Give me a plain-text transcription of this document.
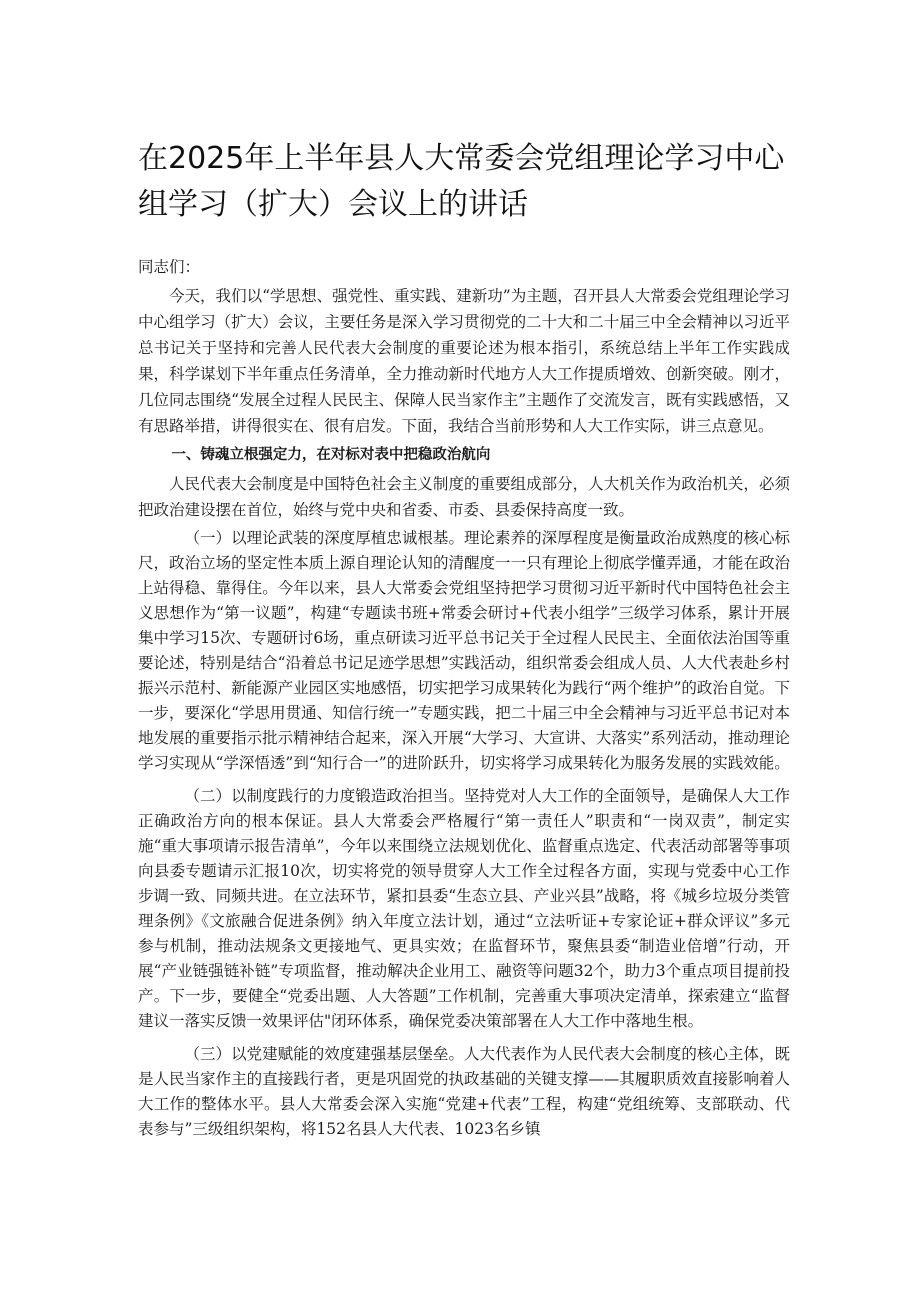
在2025年上半年县人大常委会党组理论学习中心组学习（扩大）会议上的讲话

同志们：

今天，我们以“学思想、强党性、重实践、建新功”为主题，召开县人大常委会党组理论学习中心组学习（扩大）会议，主要任务是深入学习贯彻党的二十大和二十届三中全会精神以习近平总书记关于坚持和完善人民代表大会制度的重要论述为根本指引，系统总结上半年工作实践成果，科学谋划下半年重点任务清单，全力推动新时代地方人大工作提质增效、创新突破。刚才，几位同志围绕“发展全过程人民民主、保障人民当家作主”主题作了交流发言，既有实践感悟，又有思路举措，讲得很实在、很有启发。下面，我结合当前形势和人大工作实际，讲三点意见。

一、铸魂立根强定力，在对标对表中把稳政治航向

人民代表大会制度是中国特色社会主义制度的重要组成部分，人大机关作为政治机关，必须把政治建设摆在首位，始终与党中央和省委、市委、县委保持高度一致。

（一）以理论武装的深度厚植忠诚根基。理论素养的深厚程度是衡量政治成熟度的核心标尺，政治立场的坚定性本质上源自理论认知的清醒度一一只有理论上彻底学懂弄通，才能在政治上站得稳、靠得住。今年以来，县人大常委会党组坚持把学习贯彻习近平新时代中国特色社会主义思想作为“第一议题”，构建“专题读书班+常委会研讨+代表小组学”三级学习体系，累计开展集中学习15次、专题研讨6场，重点研读习近平总书记关于全过程人民民主、全面依法治国等重要论述，特别是结合“沿着总书记足迹学思想”实践活动，组织常委会组成人员、人大代表赴乡村振兴示范村、新能源产业园区实地感悟，切实把学习成果转化为践行“两个维护”的政治自觉。下一步，要深化“学思用贯通、知信行统一”专题实践，把二十届三中全会精神与习近平总书记对本地发展的重要指示批示精神结合起来，深入开展“大学习、大宣讲、大落实”系列活动，推动理论学习实现从“学深悟透”到“知行合一”的进阶跃升，切实将学习成果转化为服务发展的实践效能。

（二）以制度践行的力度锻造政治担当。坚持党对人大工作的全面领导，是确保人大工作正确政治方向的根本保证。县人大常委会严格履行“第一责任人”职责和“一岗双责”，制定实施“重大事项请示报告清单”，今年以来围绕立法规划优化、监督重点选定、代表活动部署等事项向县委专题请示汇报10次，切实将党的领导贯穿人大工作全过程各方面，实现与党委中心工作步调一致、同频共进。在立法环节，紧扣县委“生态立县、产业兴县”战略，将《城乡垃圾分类管理条例》《文旅融合促进条例》纳入年度立法计划，通过“立法听证+专家论证+群众评议”多元参与机制，推动法规条文更接地气、更具实效；在监督环节，聚焦县委“制造业倍增”行动，开展“产业链强链补链”专项监督，推动解决企业用工、融资等问题32个，助力3个重点项目提前投产。下一步，要健全“党委出题、人大答题”工作机制，完善重大事项决定清单，探索建立“监督建议一落实反馈一效果评估"闭环体系，确保党委决策部署在人大工作中落地生根。

（三）以党建赋能的效度建强基层堡垒。人大代表作为人民代表大会制度的核心主体，既是人民当家作主的直接践行者，更是巩固党的执政基础的关键支撑——其履职质效直接影响着人大工作的整体水平。县人大常委会深入实施“党建+代表”工程，构建“党组统筹、支部联动、代表参与”三级组织架构，将152名县人大代表、1023名乡镇
